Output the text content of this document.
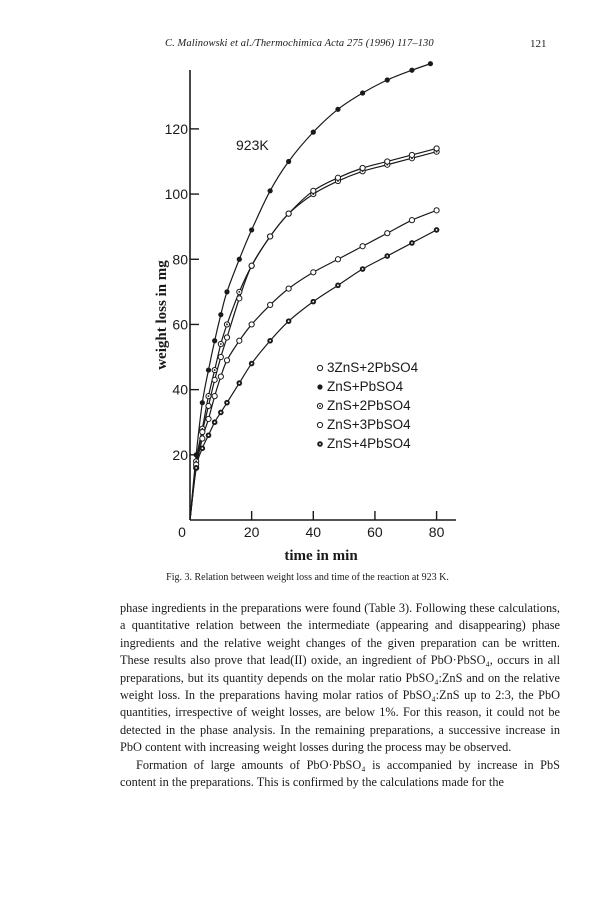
C. Malinowski et al./Thermochimica Acta 275 (1996) 117–130	121
20
40
60
80
100
120
0	20	40	60	80
time in min
weight loss in mg
923K
3ZnS+2PbSO4
ZnS+PbSO4
ZnS+2PbSO4
ZnS+3PbSO4
ZnS+4PbSO4
Fig. 3. Relation between weight loss and time of the reaction at 923 K.

phase ingredients in the preparations were found (Table 3). Following these calculations, a quantitative relation between the intermediate (appearing and disappearing) phase ingredients and the relative weight changes of the given preparation can be written. These results also prove that lead(II) oxide, an ingredient of PbO·PbSO₄, occurs in all preparations, but its quantity depends on the molar ratio PbSO₄:ZnS and on the relative weight loss. In the preparations having molar ratios of PbSO₄:ZnS up to 2:3, the PbO quantities, irrespective of weight losses, are below 1%. For this reason, it could not be detected in the phase analysis. In the remaining preparations, a successive increase in PbO content with increasing weight losses during the process may be observed.

Formation of large amounts of PbO·PbSO₄ is accompanied by increase in PbS content in the preparations. This is confirmed by the calculations made for the
